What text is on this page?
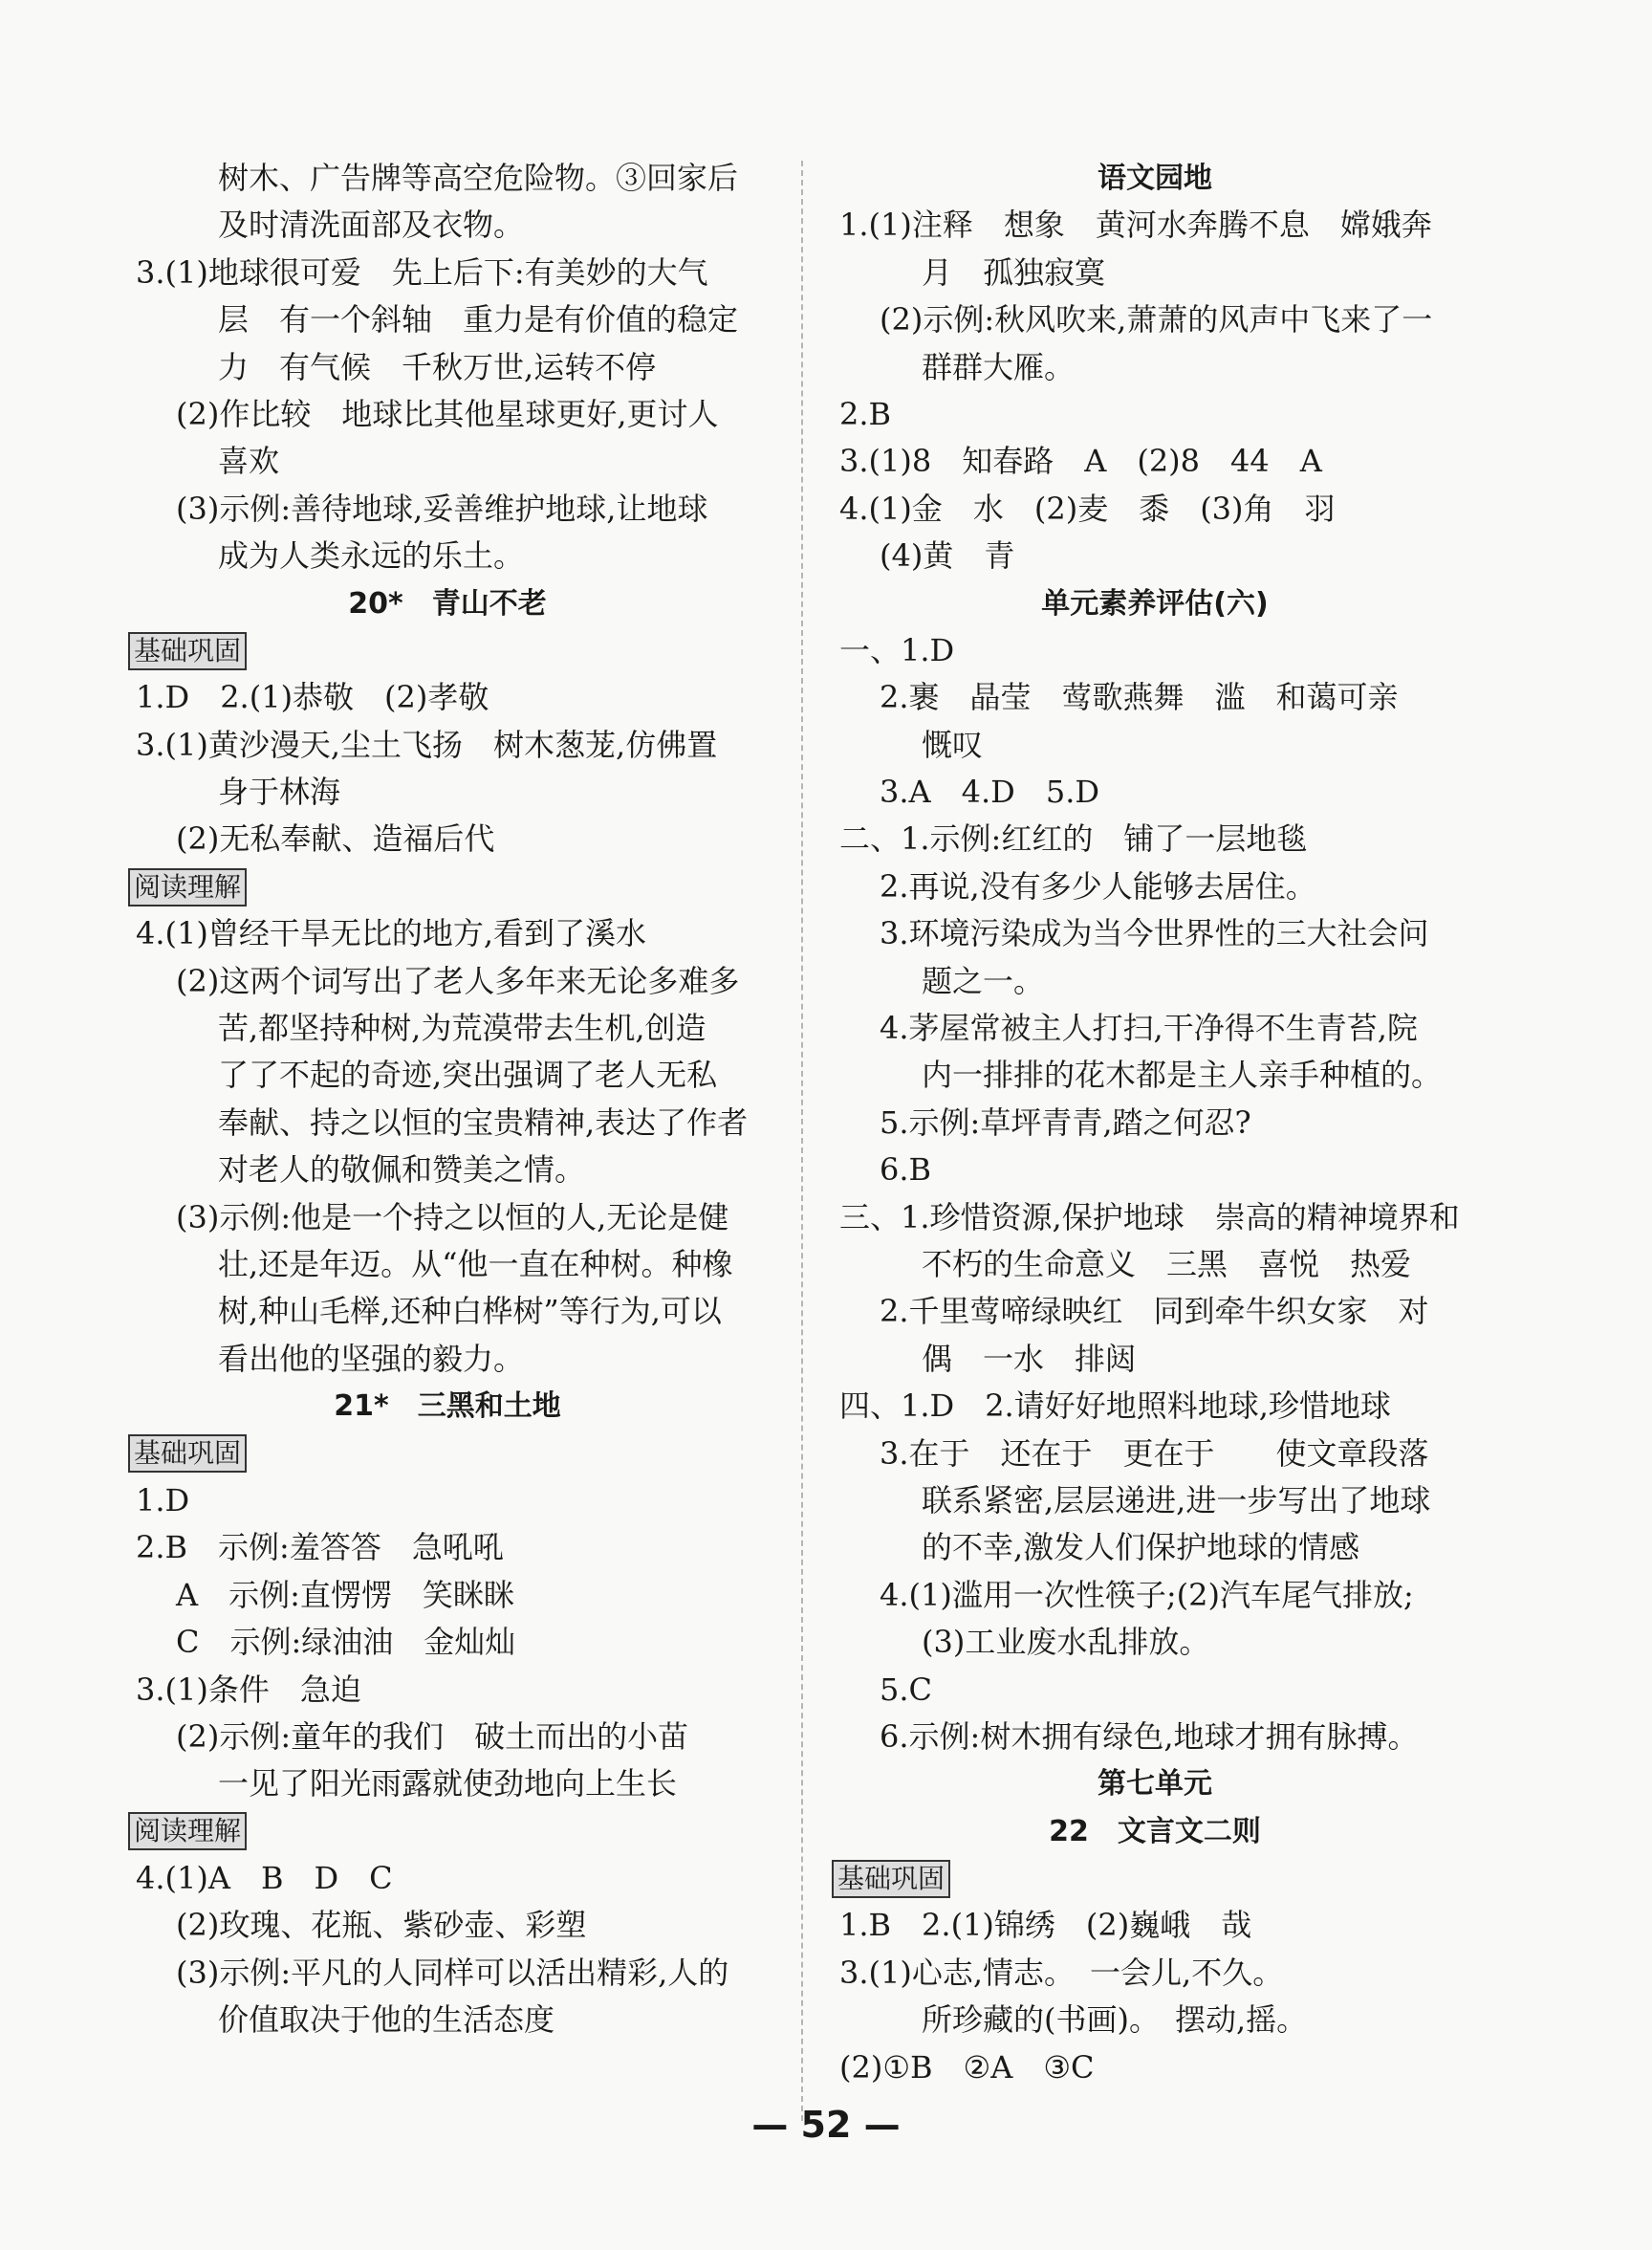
树木、广告牌等高空危险物。③回家后
及时清洗面部及衣物。
3.(1)地球很可爱　先上后下:有美妙的大气
层　有一个斜轴　重力是有价值的稳定
力　有气候　千秋万世,运转不停
(2)作比较　地球比其他星球更好,更讨人
喜欢
(3)示例:善待地球,妥善维护地球,让地球
成为人类永远的乐土。
20*　青山不老
基础巩固
1.D　2.(1)恭敬　(2)孝敬
3.(1)黄沙漫天,尘土飞扬　树木葱茏,仿佛置
身于林海
(2)无私奉献、造福后代
阅读理解
4.(1)曾经干旱无比的地方,看到了溪水
(2)这两个词写出了老人多年来无论多难多
苦,都坚持种树,为荒漠带去生机,创造
了了不起的奇迹,突出强调了老人无私
奉献、持之以恒的宝贵精神,表达了作者
对老人的敬佩和赞美之情。
(3)示例:他是一个持之以恒的人,无论是健
壮,还是年迈。从“他一直在种树。种橡
树,种山毛榉,还种白桦树”等行为,可以
看出他的坚强的毅力。
21*　三黑和土地
基础巩固
1.D
2.B　示例:羞答答　急吼吼
A　示例:直愣愣　笑眯眯
C　示例:绿油油　金灿灿
3.(1)条件　急迫
(2)示例:童年的我们　破土而出的小苗
一见了阳光雨露就使劲地向上生长
阅读理解
4.(1)A　B　D　C
(2)玫瑰、花瓶、紫砂壶、彩塑
(3)示例:平凡的人同样可以活出精彩,人的
价值取决于他的生活态度
语文园地
1.(1)注释　想象　黄河水奔腾不息　嫦娥奔
月　孤独寂寞
(2)示例:秋风吹来,萧萧的风声中飞来了一
群群大雁。
2.B
3.(1)8　知春路　A　(2)8　44　A
4.(1)金　水　(2)麦　黍　(3)角　羽
(4)黄　青
单元素养评估(六)
一、1.D
2.裹　晶莹　莺歌燕舞　滥　和蔼可亲
慨叹
3.A　4.D　5.D
二、1.示例:红红的　铺了一层地毯
2.再说,没有多少人能够去居住。
3.环境污染成为当今世界性的三大社会问
题之一。
4.茅屋常被主人打扫,干净得不生青苔,院
内一排排的花木都是主人亲手种植的。
5.示例:草坪青青,踏之何忍?
6.B
三、1.珍惜资源,保护地球　崇高的精神境界和
不朽的生命意义　三黑　喜悦　热爱
2.千里莺啼绿映红　同到牵牛织女家　对
偶　一水　排闼
四、1.D　2.请好好地照料地球,珍惜地球
3.在于　还在于　更在于　　使文章段落
联系紧密,层层递进,进一步写出了地球
的不幸,激发人们保护地球的情感
4.(1)滥用一次性筷子;(2)汽车尾气排放;
(3)工业废水乱排放。
5.C
6.示例:树木拥有绿色,地球才拥有脉搏。
第七单元
22　文言文二则
基础巩固
1.B　2.(1)锦绣　(2)巍峨　哉
3.(1)心志,情志。　一会儿,不久。
所珍藏的(书画)。　摆动,摇。
(2)①B　②A　③C
— 52 —
